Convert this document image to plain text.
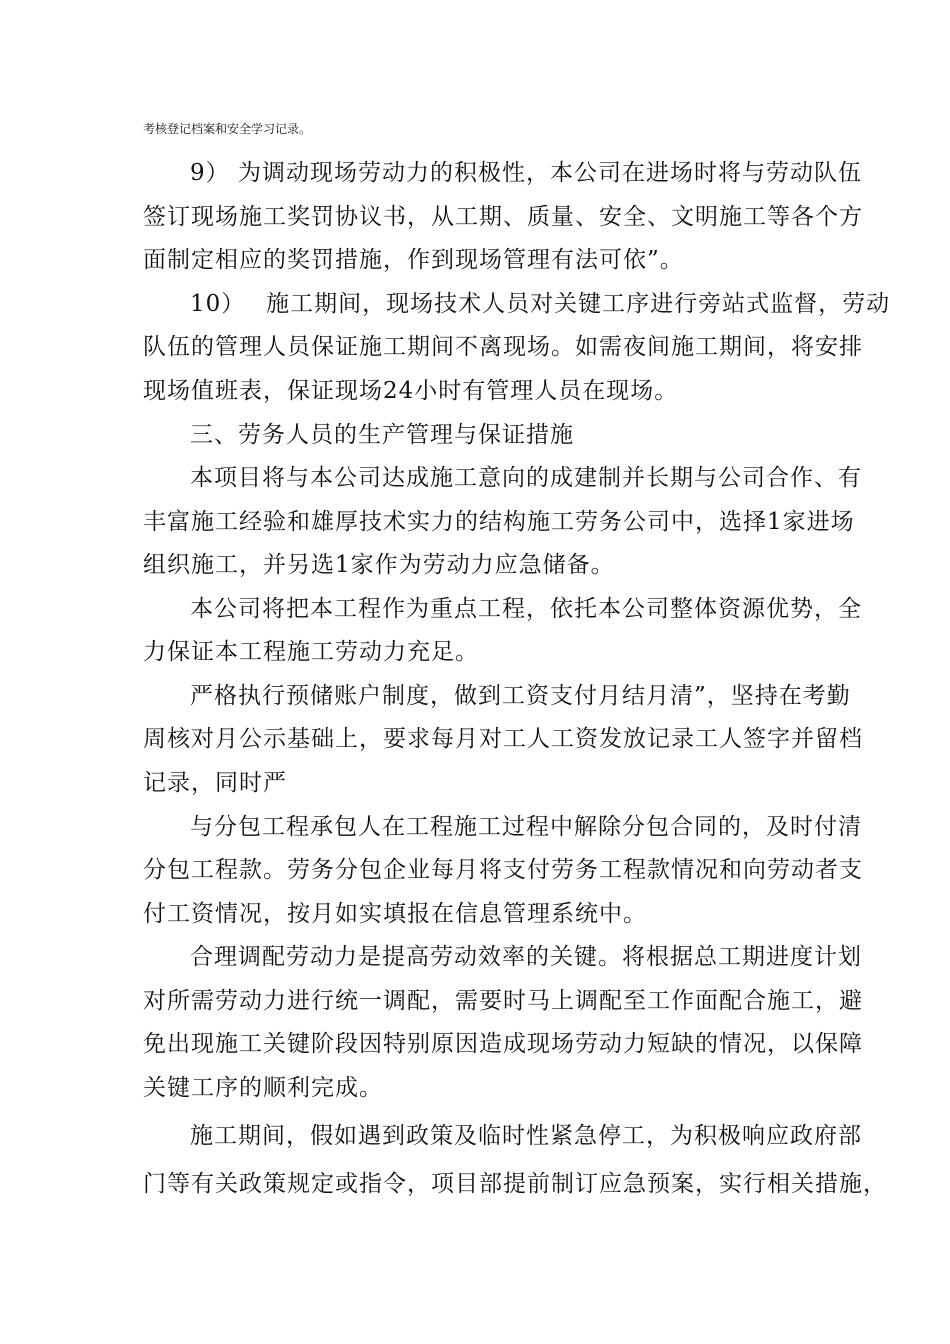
考核登记档案和安全学习记录。
9） 为调动现场劳动力的积极性，本公司在进场时将与劳动队伍
签订现场施工奖罚协议书，从工期、质量、安全、文明施工等各个方
面制定相应的奖罚措施，作到现场管理有法可依”。
10）　 施工期间，现场技术人员对关键工序进行旁站式监督，劳动
队伍的管理人员保证施工期间不离现场。如需夜间施工期间，将安排
现场值班表，保证现场24小时有管理人员在现场。
三、劳务人员的生产管理与保证措施
本项目将与本公司达成施工意向的成建制并长期与公司合作、有
丰富施工经验和雄厚技术实力的结构施工劳务公司中，选择1家进场
组织施工，并另选1家作为劳动力应急储备。
本公司将把本工程作为重点工程，依托本公司整体资源优势，全
力保证本工程施工劳动力充足。
严格执行预储账户制度，做到工资支付月结月清”，坚持在考勤
周核对月公示基础上，要求每月对工人工资发放记录工人签字并留档
记录，同时严
与分包工程承包人在工程施工过程中解除分包合同的，及时付清
分包工程款。劳务分包企业每月将支付劳务工程款情况和向劳动者支
付工资情况，按月如实填报在信息管理系统中。
合理调配劳动力是提高劳动效率的关键。将根据总工期进度计划
对所需劳动力进行统一调配，需要时马上调配至工作面配合施工，避
免出现施工关键阶段因特别原因造成现场劳动力短缺的情况，以保障
关键工序的顺利完成。
施工期间，假如遇到政策及临时性紧急停工，为积极响应政府部
门等有关政策规定或指令，项目部提前制订应急预案，实行相关措施，
